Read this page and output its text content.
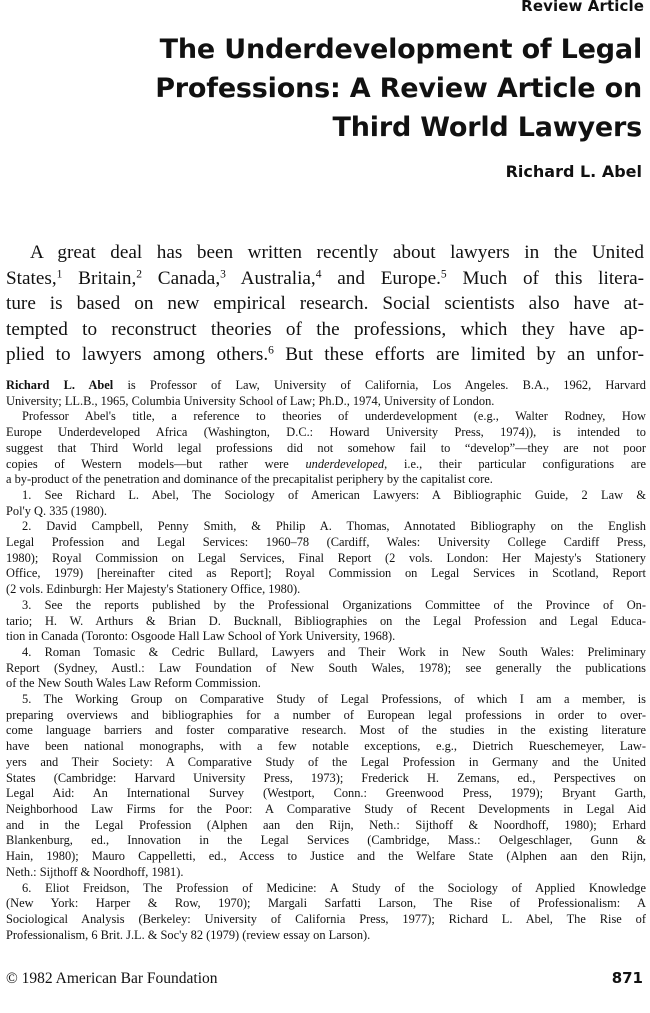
Review Article
The Underdevelopment of Legal
Professions: A Review Article on
Third World Lawyers
Richard L. Abel
A great deal has been written recently about lawyers in the United
States,$^1$ Britain,$^2$ Canada,$^3$ Australia,$^4$ and Europe.$^5$ Much of this litera-
ture is based on new empirical research. Social scientists also have at-
tempted to reconstruct theories of the professions, which they have ap-
plied to lawyers among others.$^6$ But these efforts are limited by an unfor-
Richard L. Abel is Professor of Law, University of California, Los Angeles. B.A., 1962, Harvard
University; LL.B., 1965, Columbia University School of Law; Ph.D., 1974, University of London.
Professor Abel's title, a reference to theories of underdevelopment (e.g., Walter Rodney, How
Europe Underdeveloped Africa (Washington, D.C.: Howard University Press, 1974)), is intended to
suggest that Third World legal professions did not somehow fail to “develop”—they are not poor
copies of Western models—but rather were underdeveloped, i.e., their particular configurations are
a by-product of the penetration and dominance of the precapitalist periphery by the capitalist core.
1. See Richard L. Abel, The Sociology of American Lawyers: A Bibliographic Guide, 2 Law &
Pol'y Q. 335 (1980).
2. David Campbell, Penny Smith, & Philip A. Thomas, Annotated Bibliography on the English
Legal Profession and Legal Services: 1960–78 (Cardiff, Wales: University College Cardiff Press,
1980); Royal Commission on Legal Services, Final Report (2 vols. London: Her Majesty's Stationery
Office, 1979) [hereinafter cited as Report]; Royal Commission on Legal Services in Scotland, Report
(2 vols. Edinburgh: Her Majesty's Stationery Office, 1980).
3. See the reports published by the Professional Organizations Committee of the Province of On-
tario; H. W. Arthurs & Brian D. Bucknall, Bibliographies on the Legal Profession and Legal Educa-
tion in Canada (Toronto: Osgoode Hall Law School of York University, 1968).
4. Roman Tomasic & Cedric Bullard, Lawyers and Their Work in New South Wales: Preliminary
Report (Sydney, Austl.: Law Foundation of New South Wales, 1978); see generally the publications
of the New South Wales Law Reform Commission.
5. The Working Group on Comparative Study of Legal Professions, of which I am a member, is
preparing overviews and bibliographies for a number of European legal professions in order to over-
come language barriers and foster comparative research. Most of the studies in the existing literature
have been national monographs, with a few notable exceptions, e.g., Dietrich Rueschemeyer, Law-
yers and Their Society: A Comparative Study of the Legal Profession in Germany and the United
States (Cambridge: Harvard University Press, 1973); Frederick H. Zemans, ed., Perspectives on
Legal Aid: An International Survey (Westport, Conn.: Greenwood Press, 1979); Bryant Garth,
Neighborhood Law Firms for the Poor: A Comparative Study of Recent Developments in Legal Aid
and in the Legal Profession (Alphen aan den Rijn, Neth.: Sijthoff & Noordhoff, 1980); Erhard
Blankenburg, ed., Innovation in the Legal Services (Cambridge, Mass.: Oelgeschlager, Gunn &
Hain, 1980); Mauro Cappelletti, ed., Access to Justice and the Welfare State (Alphen aan den Rijn,
Neth.: Sijthoff & Noordhoff, 1981).
6. Eliot Freidson, The Profession of Medicine: A Study of the Sociology of Applied Knowledge
(New York: Harper & Row, 1970); Margali Sarfatti Larson, The Rise of Professionalism: A
Sociological Analysis (Berkeley: University of California Press, 1977); Richard L. Abel, The Rise of
Professionalism, 6 Brit. J.L. & Soc'y 82 (1979) (review essay on Larson).
© 1982 American Bar Foundation	871
